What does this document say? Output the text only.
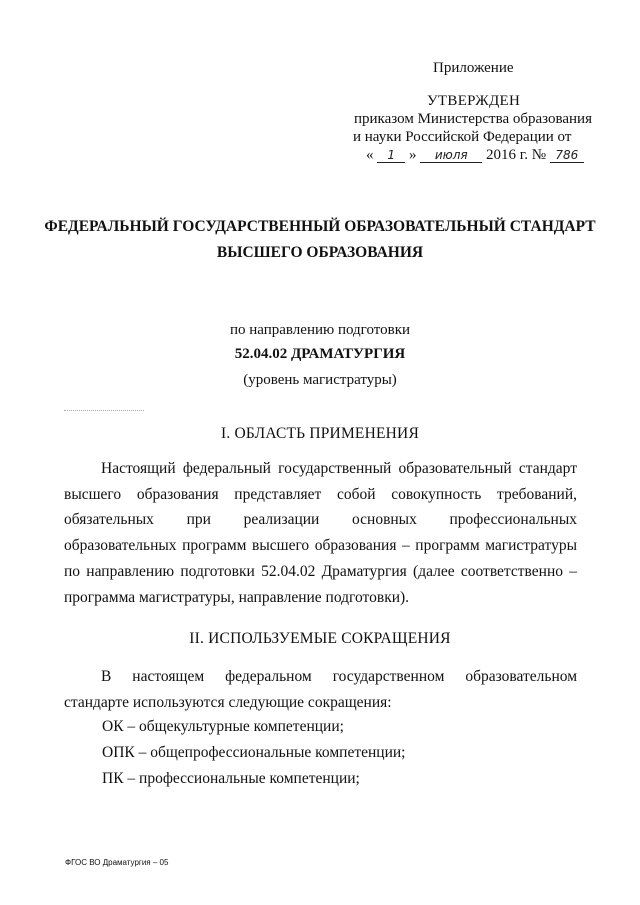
Приложение
УТВЕРЖДЕН
приказом Министерства образования
и науки Российской Федерации от
« 1 » июля 2016 г. № 786
ФЕДЕРАЛЬНЫЙ ГОСУДАРСТВЕННЫЙ ОБРАЗОВАТЕЛЬНЫЙ СТАНДАРТ
ВЫСШЕГО ОБРАЗОВАНИЯ
по направлению подготовки
52.04.02 ДРАМАТУРГИЯ
(уровень магистратуры)
I. ОБЛАСТЬ ПРИМЕНЕНИЯ
Настоящий федеральный государственный образовательный стандарт высшего образования представляет собой совокупность требований, обязательных при реализации основных профессиональных образовательных программ высшего образования – программ магистратуры по направлению подготовки 52.04.02 Драматургия (далее соответственно – программа магистратуры, направление подготовки).
II. ИСПОЛЬЗУЕМЫЕ СОКРАЩЕНИЯ
В настоящем федеральном государственном образовательном стандарте используются следующие сокращения:
ОК – общекультурные компетенции;
ОПК – общепрофессиональные компетенции;
ПК – профессиональные компетенции;
ФГОС ВО Драматургия – 05
